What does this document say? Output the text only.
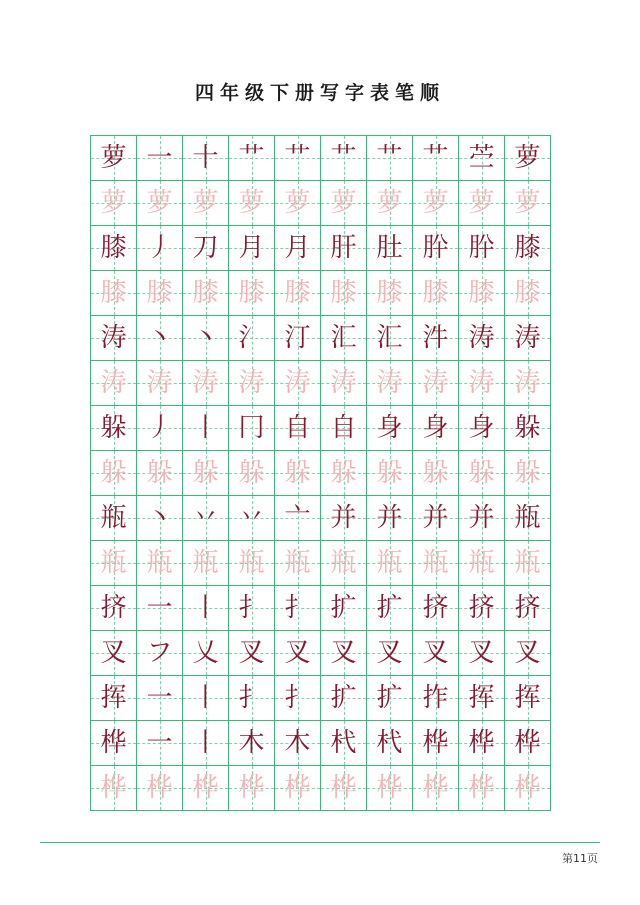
四年级下册写字表笔顺
萝 一 十 艹 艹 艹 艹 艹 苎 萝
萝 萝 萝 萝 萝 萝 萝 萝 萝 萝
膝 丿 刀 月 月 肝 肚 肸 肸 膝
膝 膝 膝 膝 膝 膝 膝 膝 膝 膝
涛 丶 丶 氵 汀 汇 汇 汼 涛 涛
涛 涛 涛 涛 涛 涛 涛 涛 涛 涛
躲 丿 丨 冂 自 自 身 身 身 躲
躲 躲 躲 躲 躲 躲 躲 躲 躲 躲
瓶 丶 丷 丷 亠 并 并 并 并 瓶
瓶 瓶 瓶 瓶 瓶 瓶 瓶 瓶 瓶 瓶
挤 一 丨 扌 扌 扩 扩 挤 挤 挤
叉 フ 乂 叉 叉 叉 叉 叉 叉 叉
挥 一 丨 扌 扌 扩 扩 拃 挥 挥
桦 一 丨 木 木 杙 杙 桦 桦 桦
桦 桦 桦 桦 桦 桦 桦 桦 桦 桦
第11页
